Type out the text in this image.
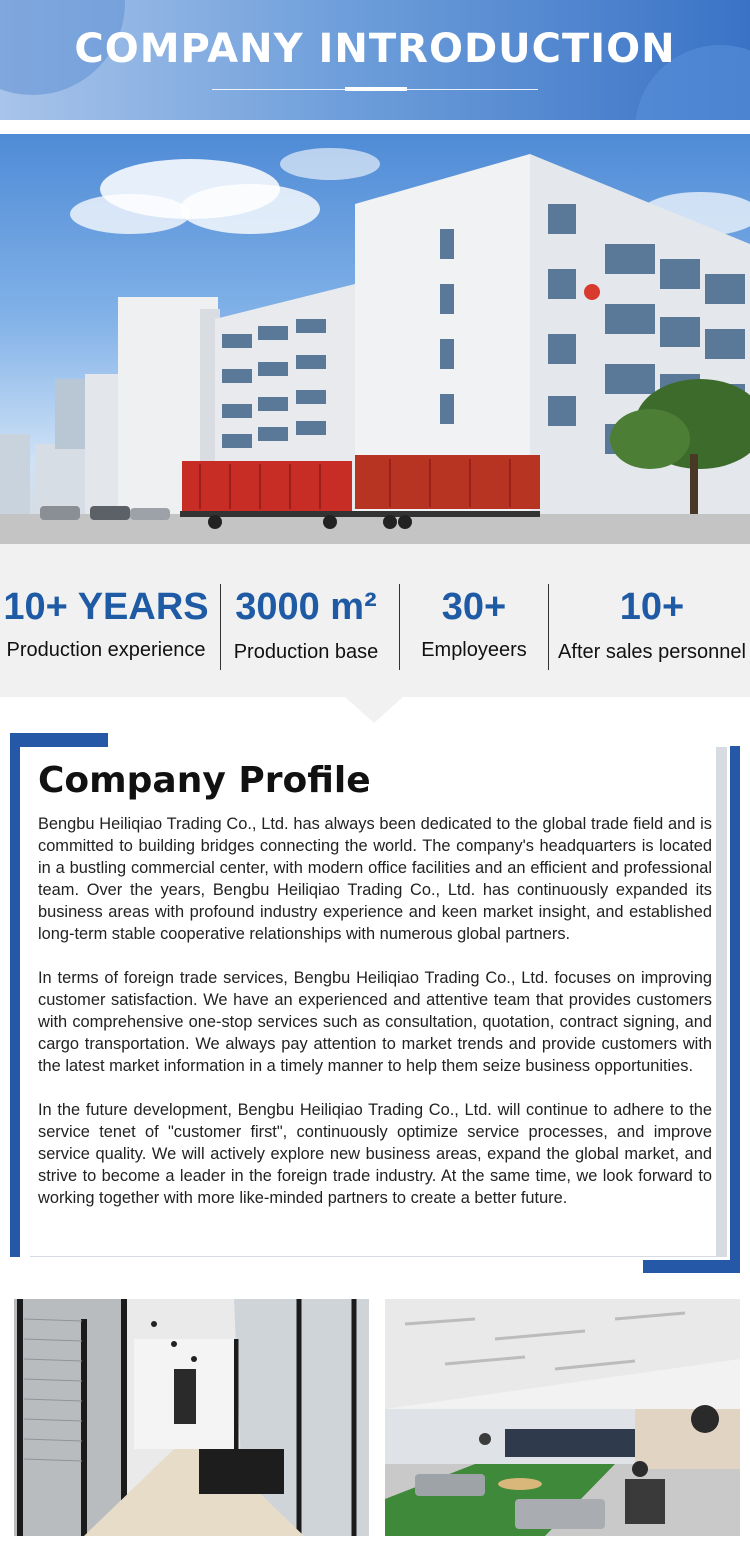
COMPANY INTRODUCTION
10+ YEARS
Production experience
3000 m²
Production base
30+
Employeers
10+
After sales personnel
Company Profile

Bengbu Heiliqiao Trading Co., Ltd. has always been dedicated to the global trade field and is committed to building bridges connecting the world. The company's headquarters is located in a bustling commercial center, with modern office facilities and an efficient and professional team. Over the years, Bengbu Heiliqiao Trading Co., Ltd. has continuously expanded its business areas with profound industry experience and keen market insight, and established long-term stable cooperative relationships with numerous global partners.

In terms of foreign trade services, Bengbu Heiliqiao Trading Co., Ltd. focuses on improving customer satisfaction. We have an experienced and attentive team that provides customers with comprehensive one-stop services such as consultation, quotation, contract signing, and cargo transportation. We always pay attention to market trends and provide customers with the latest market information in a timely manner to help them seize business opportunities.

In the future development, Bengbu Heiliqiao Trading Co., Ltd. will continue to adhere to the service tenet of "customer first", continuously optimize service processes, and improve service quality. We will actively explore new business areas, expand the global market, and strive to become a leader in the foreign trade industry. At the same time, we look forward to working together with more like-minded partners to create a better future.
